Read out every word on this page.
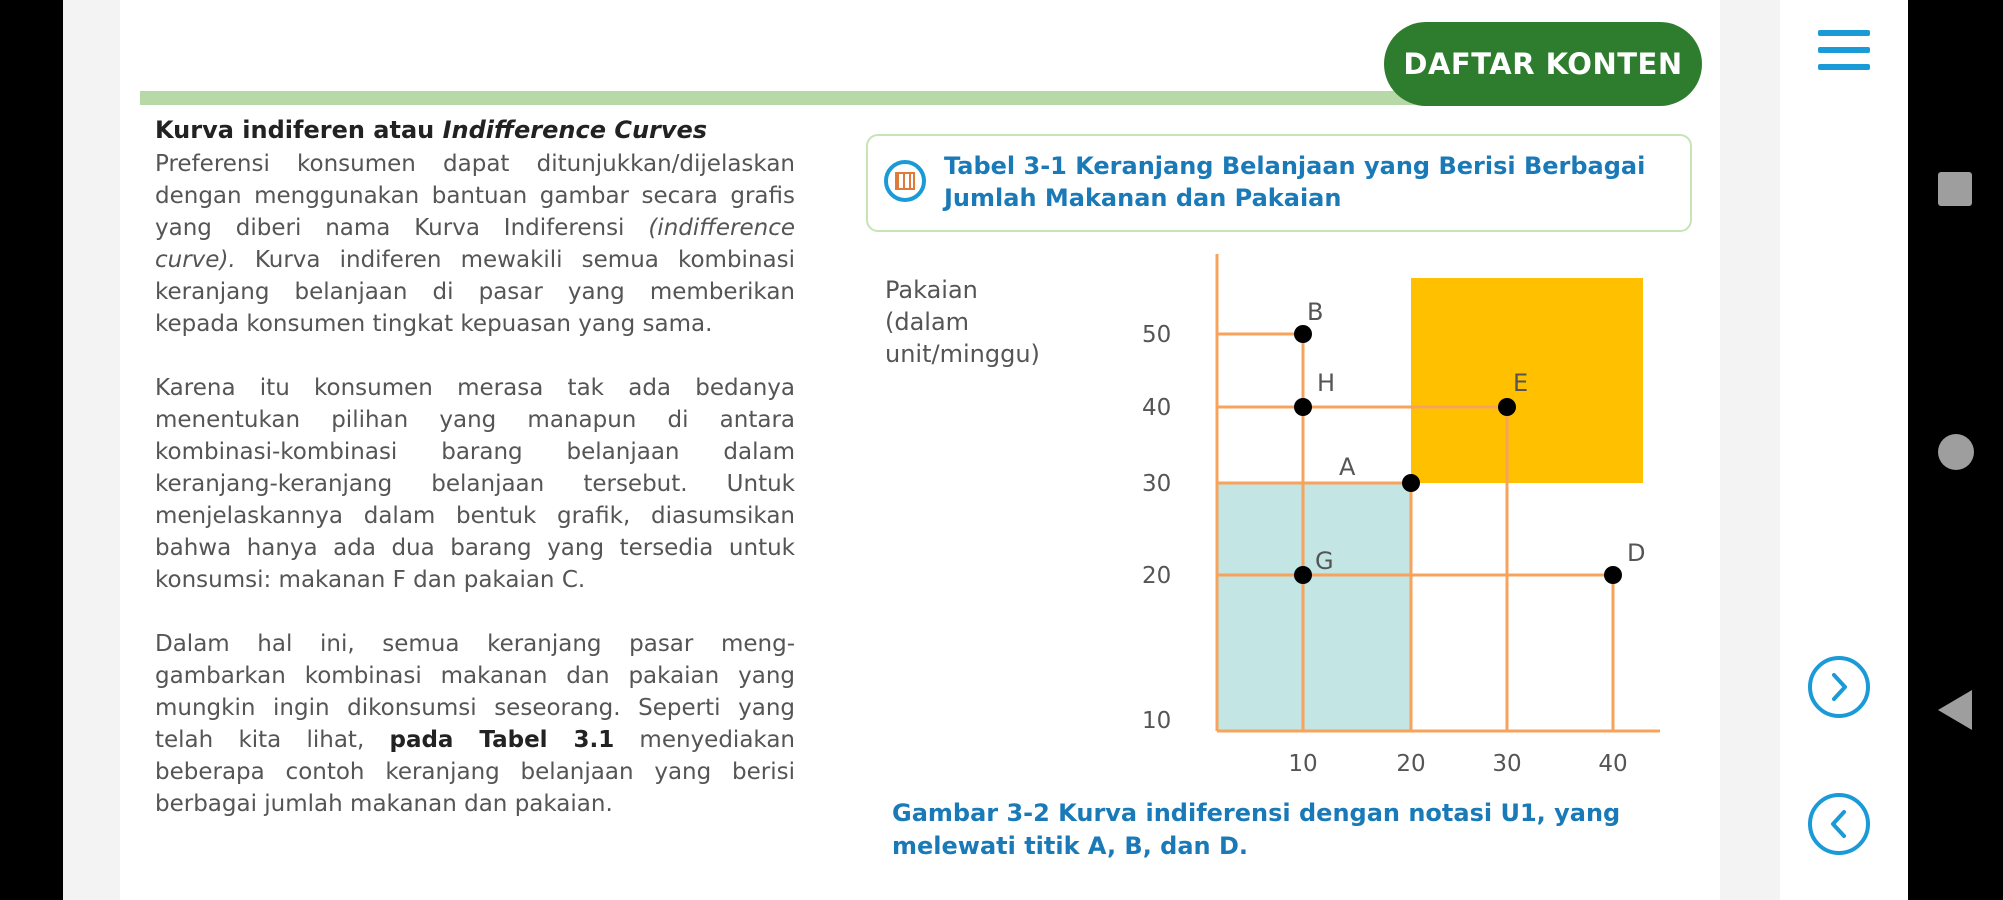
DAFTAR KONTEN
Kurva indiferen atau Indifference Curves

Preferensi konsumen dapat ditunjukkan/dijelaskan dengan menggunakan bantuan gambar secara grafis yang diberi nama Kurva Indiferensi (indifference curve). Kurva indiferen mewakili semua kombinasi keranjang belanjaan di pasar yang memberikan kepada konsumen tingkat kepuasan yang sama.

Karena itu konsumen merasa tak ada bedanya menentukan pilihan yang manapun di antara kombinasi-kombinasi barang belanjaan dalam keranjang-keranjang belanjaan tersebut. Untuk menjelaskannya dalam bentuk grafik, diasumsikan bahwa hanya ada dua barang yang tersedia untuk konsumsi: makanan F dan pakaian C.

Dalam hal ini, semua keranjang pasar meng-gambarkan kombinasi makanan dan pakaian yang mungkin ingin dikonsumsi seseorang. Seperti yang telah kita lihat, pada Tabel 3.1 menyediakan beberapa contoh keranjang belanjaan yang berisi berbagai jumlah makanan dan pakaian.

Tabel 3-1 Keranjang Belanjaan yang Berisi Berbagai Jumlah Makanan dan Pakaian
10
20
30
40
50
10	20	30	40
Pakaian
(dalam
unit/minggu)
B
H	E
A
G	D
Gambar 3-2 Kurva indiferensi dengan notasi U1, yang melewati titik A, B, dan D.
